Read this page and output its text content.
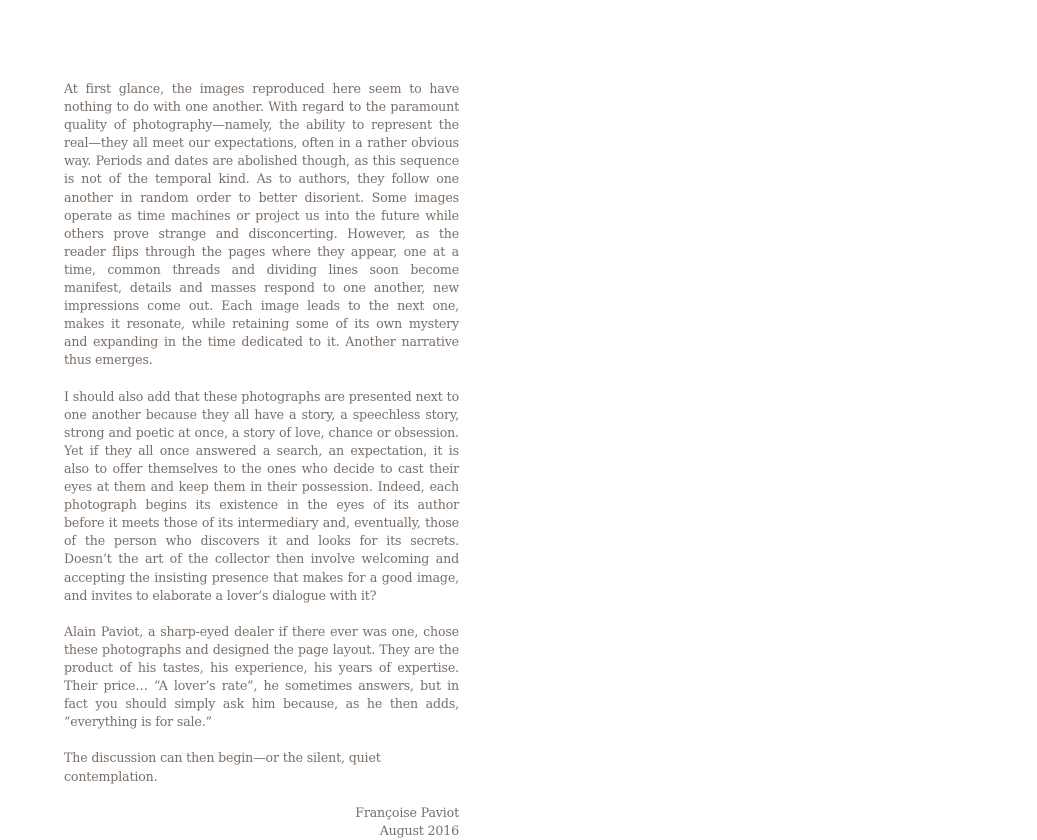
At first glance, the images reproduced here seem to have nothing to do with one another. With regard to the paramount quality of photography—namely, the ability to represent the real—they all meet our expectations, often in a rather obvious way. Periods and dates are abolished though, as this sequence is not of the temporal kind. As to authors, they follow one another in random order to better disorient. Some images operate as time machines or project us into the future while others prove strange and disconcerting. However, as the reader flips through the pages where they appear, one at a time, common threads and dividing lines soon become manifest, details and masses respond to one another, new impressions come out. Each image leads to the next one, makes it resonate, while retaining some of its own mystery and expanding in the time dedicated to it. Another narrative thus emerges.

I should also add that these photographs are presented next to one another because they all have a story, a speechless story, strong and poetic at once, a story of love, chance or obsession. Yet if they all once answered a search, an expectation, it is also to offer themselves to the ones who decide to cast their eyes at them and keep them in their possession. Indeed, each photograph begins its existence in the eyes of its author before it meets those of its intermediary and, eventually, those of the person who discovers it and looks for its secrets. Doesn’t the art of the collector then involve welcoming and accepting the insisting presence that makes for a good image, and invites to elaborate a lover’s dialogue with it?

Alain Paviot, a sharp-eyed dealer if there ever was one, chose these photographs and designed the page layout. They are the product of his tastes, his experience, his years of expertise. Their price… “A lover’s rate”, he sometimes answers, but in fact you should simply ask him because, as he then adds, “everything is for sale.”

The discussion can then begin—or the silent, quiet contemplation.

Françoise Paviot
August 2016
